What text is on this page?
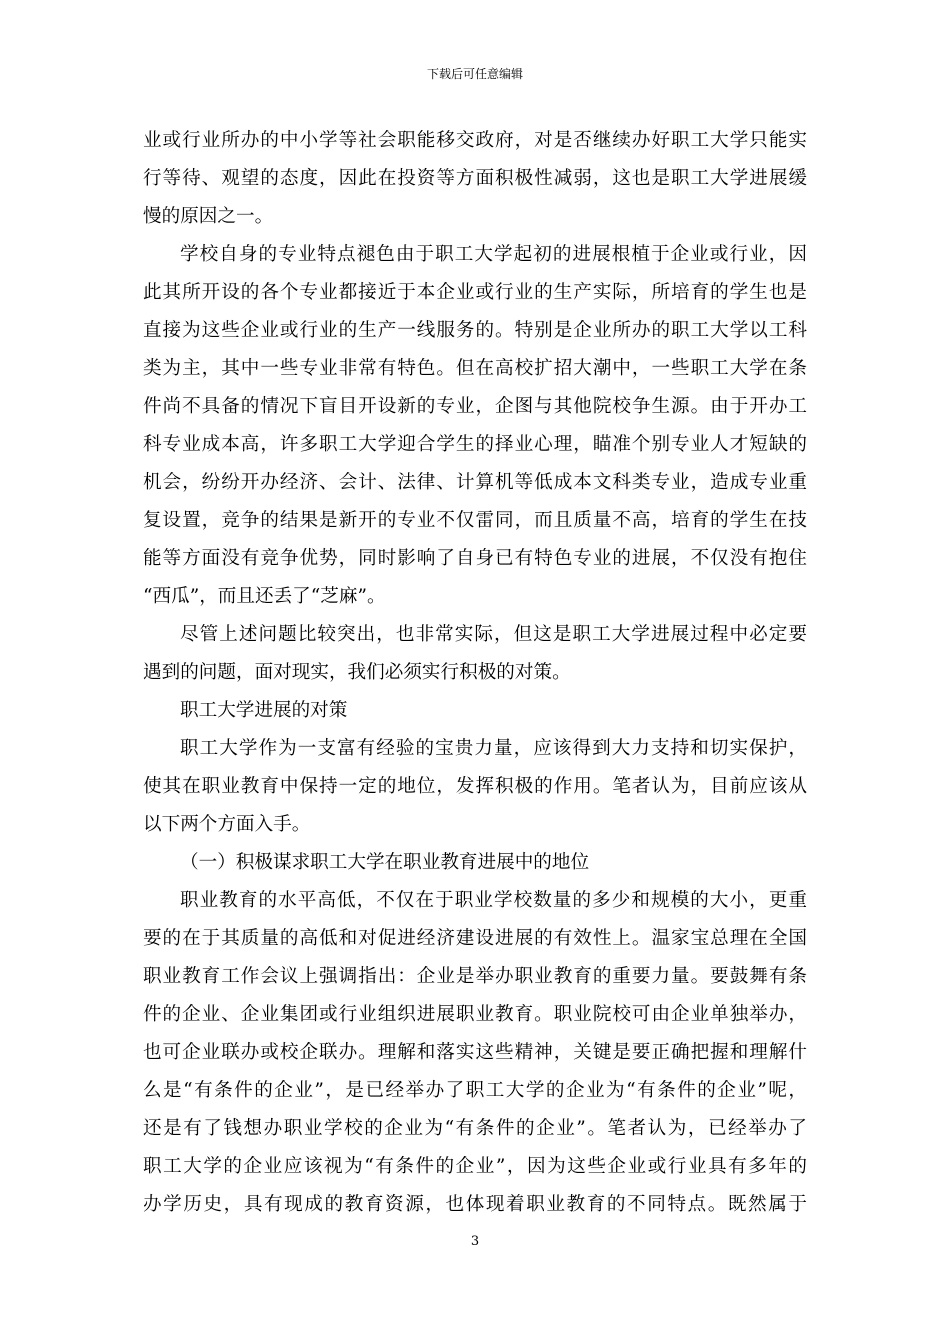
下载后可任意编辑
业或行业所办的中小学等社会职能移交政府，对是否继续办好职工大学只能实
行等待、观望的态度，因此在投资等方面积极性减弱，这也是职工大学进展缓
慢的原因之一。
学校自身的专业特点褪色由于职工大学起初的进展根植于企业或行业，因
此其所开设的各个专业都接近于本企业或行业的生产实际，所培育的学生也是
直接为这些企业或行业的生产一线服务的。特别是企业所办的职工大学以工科
类为主，其中一些专业非常有特色。但在高校扩招大潮中，一些职工大学在条
件尚不具备的情况下盲目开设新的专业，企图与其他院校争生源。由于开办工
科专业成本高，许多职工大学迎合学生的择业心理，瞄准个别专业人才短缺的
机会，纷纷开办经济、会计、法律、计算机等低成本文科类专业，造成专业重
复设置，竞争的结果是新开的专业不仅雷同，而且质量不高，培育的学生在技
能等方面没有竞争优势，同时影响了自身已有特色专业的进展，不仅没有抱住
“西瓜”，而且还丢了“芝麻”。
尽管上述问题比较突出，也非常实际，但这是职工大学进展过程中必定要
遇到的问题，面对现实，我们必须实行积极的对策。
职工大学进展的对策
职工大学作为一支富有经验的宝贵力量，应该得到大力支持和切实保护，
使其在职业教育中保持一定的地位，发挥积极的作用。笔者认为，目前应该从
以下两个方面入手。
（一）积极谋求职工大学在职业教育进展中的地位
职业教育的水平高低，不仅在于职业学校数量的多少和规模的大小，更重
要的在于其质量的高低和对促进经济建设进展的有效性上。温家宝总理在全国
职业教育工作会议上强调指出：企业是举办职业教育的重要力量。要鼓舞有条
件的企业、企业集团或行业组织进展职业教育。职业院校可由企业单独举办，
也可企业联办或校企联办。理解和落实这些精神，关键是要正确把握和理解什
么是“有条件的企业”，是已经举办了职工大学的企业为“有条件的企业”呢，
还是有了钱想办职业学校的企业为“有条件的企业”。笔者认为，已经举办了
职工大学的企业应该视为“有条件的企业”，因为这些企业或行业具有多年的
办学历史，具有现成的教育资源，也体现着职业教育的不同特点。既然属于
3
